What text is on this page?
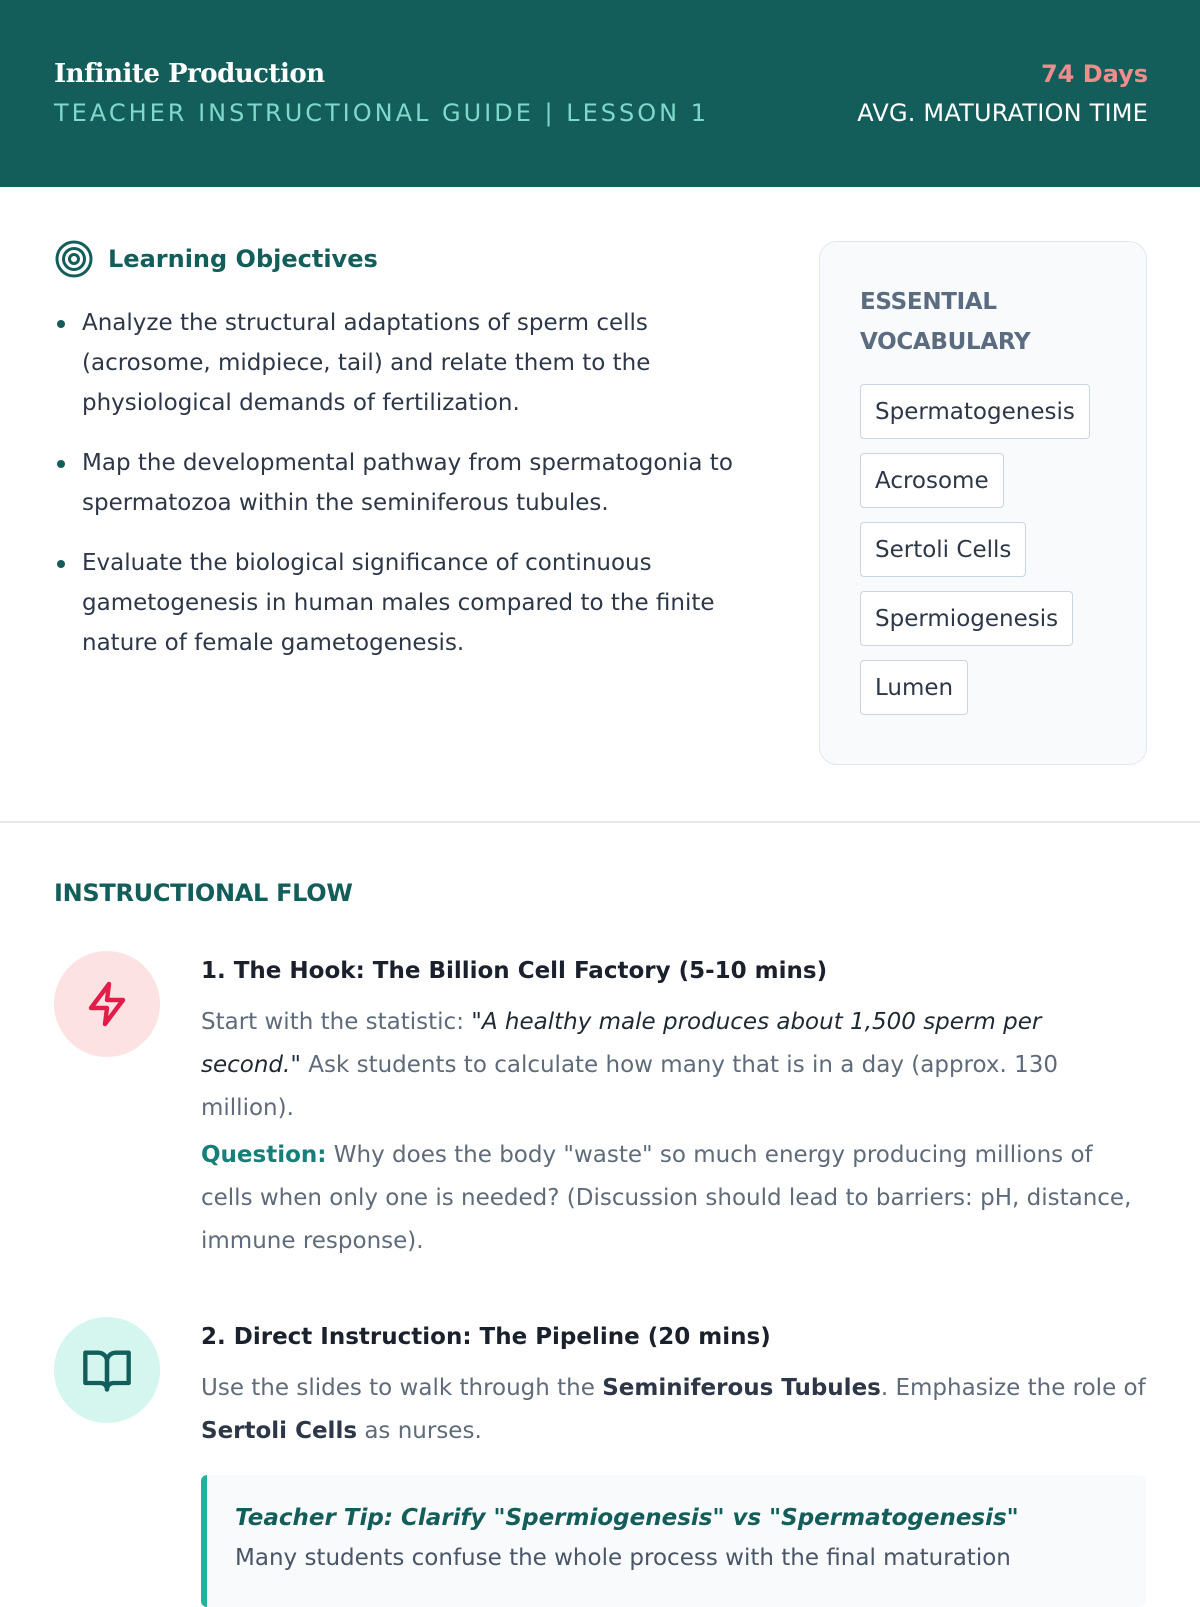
Infinite Production
TEACHER INSTRUCTIONAL GUIDE | LESSON 1
74 Days
AVG. MATURATION TIME
Learning Objectives
Analyze the structural adaptations of sperm cells (acrosome, midpiece, tail) and relate them to the physiological demands of fertilization.
Map the developmental pathway from spermatogonia to spermatozoa within the seminiferous tubules.
Evaluate the biological significance of continuous gametogenesis in human males compared to the finite nature of female gametogenesis.
ESSENTIAL VOCABULARY
Spermatogenesis
Acrosome
Sertoli Cells
Spermiogenesis
Lumen
INSTRUCTIONAL FLOW
1. The Hook: The Billion Cell Factory (5-10 mins)
Start with the statistic: "A healthy male produces about 1,500 sperm per second." Ask students to calculate how many that is in a day (approx. 130 million).
Question: Why does the body "waste" so much energy producing millions of cells when only one is needed? (Discussion should lead to barriers: pH, distance, immune response).
2. Direct Instruction: The Pipeline (20 mins)
Use the slides to walk through the Seminiferous Tubules. Emphasize the role of Sertoli Cells as nurses.
Teacher Tip: Clarify "Spermiogenesis" vs "Spermatogenesis"
Many students confuse the whole process with the final maturation
